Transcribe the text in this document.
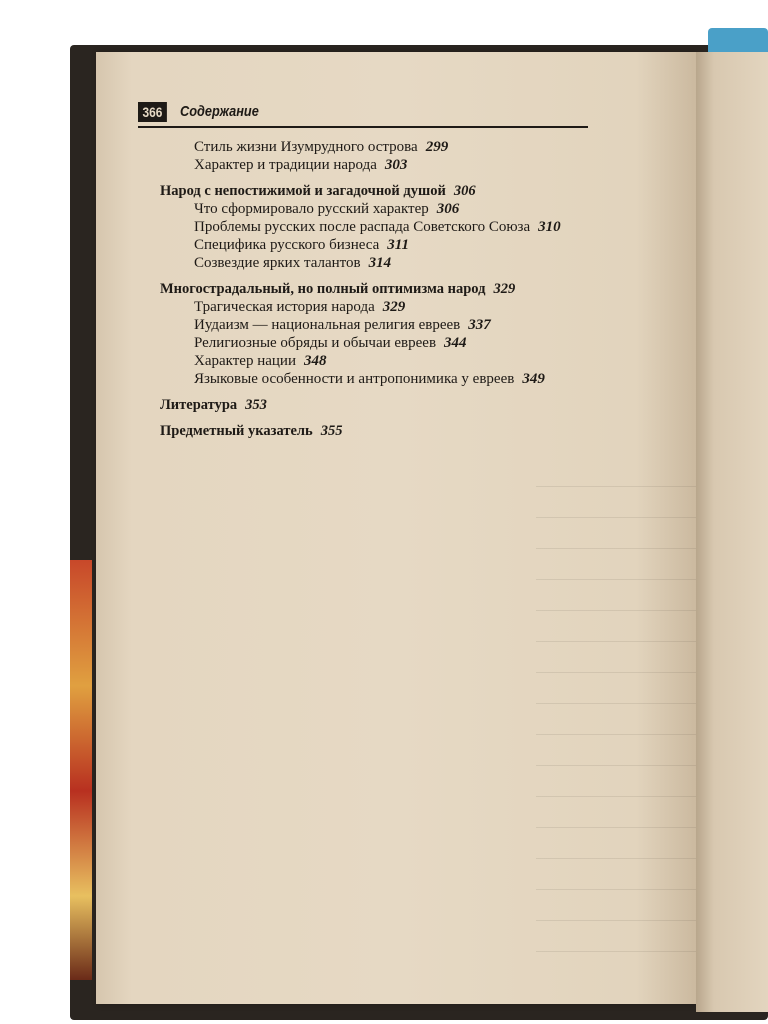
366	Содержание
Стиль жизни Изумрудного острова 299
Характер и традиции народа 303
Народ с непостижимой и загадочной душой 306
Что сформировало русский характер 306
Проблемы русских после распада Советского Союза 310
Специфика русского бизнеса 311
Созвездие ярких талантов 314
Многострадальный, но полный оптимизма народ 329
Трагическая история народа 329
Иудаизм — национальная религия евреев 337
Религиозные обряды и обычаи евреев 344
Характер нации 348
Языковые особенности и антропонимика у евреев 349
Литература 353
Предметный указатель 355
